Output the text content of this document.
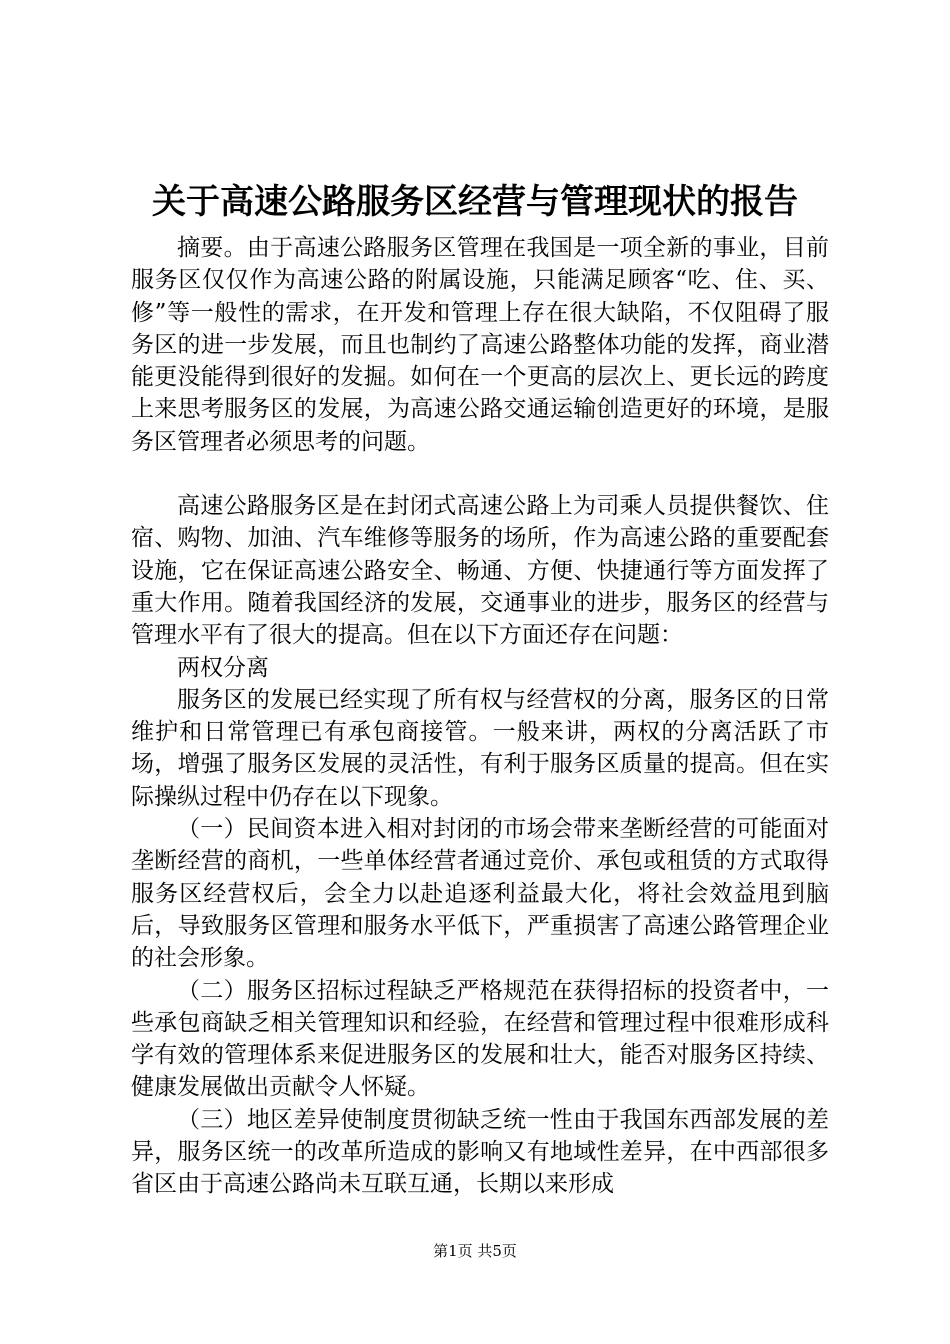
关于高速公路服务区经营与管理现状的报告

摘要。由于高速公路服务区管理在我国是一项全新的事业，目前服务区仅仅作为高速公路的附属设施，只能满足顾客“吃、住、买、修”等一般性的需求，在开发和管理上存在很大缺陷，不仅阻碍了服务区的进一步发展，而且也制约了高速公路整体功能的发挥，商业潜能更没能得到很好的发掘。如何在一个更高的层次上、更长远的跨度上来思考服务区的发展，为高速公路交通运输创造更好的环境，是服务区管理者必须思考的问题。

高速公路服务区是在封闭式高速公路上为司乘人员提供餐饮、住宿、购物、加油、汽车维修等服务的场所，作为高速公路的重要配套设施，它在保证高速公路安全、畅通、方便、快捷通行等方面发挥了重大作用。随着我国经济的发展，交通事业的进步，服务区的经营与管理水平有了很大的提高。但在以下方面还存在问题：

两权分离

服务区的发展已经实现了所有权与经营权的分离，服务区的日常维护和日常管理已有承包商接管。一般来讲，两权的分离活跃了市场，增强了服务区发展的灵活性，有利于服务区质量的提高。但在实际操纵过程中仍存在以下现象。

（一）民间资本进入相对封闭的市场会带来垄断经营的可能面对垄断经营的商机，一些单体经营者通过竞价、承包或租赁的方式取得服务区经营权后，会全力以赴追逐利益最大化，将社会效益甩到脑后，导致服务区管理和服务水平低下，严重损害了高速公路管理企业的社会形象。

（二）服务区招标过程缺乏严格规范在获得招标的投资者中，一些承包商缺乏相关管理知识和经验，在经营和管理过程中很难形成科学有效的管理体系来促进服务区的发展和壮大，能否对服务区持续、健康发展做出贡献令人怀疑。

（三）地区差异使制度贯彻缺乏统一性由于我国东西部发展的差异，服务区统一的改革所造成的影响又有地域性差异，在中西部很多省区由于高速公路尚未互联互通，长期以来形成

第1页 共5页
